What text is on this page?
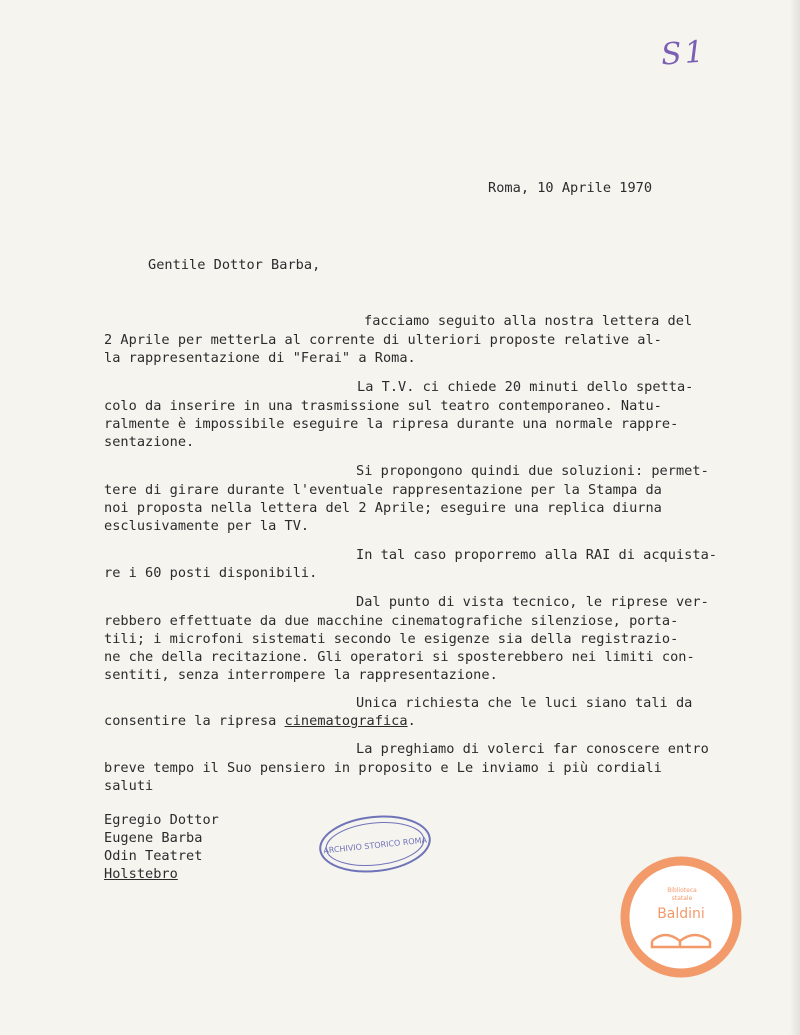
S1
Roma, 10 Aprile 1970
Gentile Dottor Barba,
facciamo seguito alla nostra lettera del
2 Aprile per metterLa al corrente di ulteriori proposte relative al-
la rappresentazione di "Ferai" a Roma.
La T.V. ci chiede 20 minuti dello spetta-
colo da inserire in una trasmissione sul teatro contemporaneo. Natu-
ralmente è impossibile eseguire la ripresa durante una normale rappre-
sentazione.
Si propongono quindi due soluzioni: permet-
tere di girare durante l'eventuale rappresentazione per la Stampa da
noi proposta nella lettera del 2 Aprile; eseguire una replica diurna
esclusivamente per la TV.
In tal caso proporremo alla RAI di acquista-
re i 60 posti disponibili.
Dal punto di vista tecnico, le riprese ver-
rebbero effettuate da due macchine cinematografiche silenziose, porta-
tili; i microfoni sistemati secondo le esigenze sia della registrazio-
ne che della recitazione. Gli operatori si sposterebbero nei limiti con-
sentiti, senza interrompere la rappresentazione.
Unica richiesta che le luci siano tali da
consentire la ripresa cinematografica.
La preghiamo di volerci far conoscere entro
breve tempo il Suo pensiero in proposito e Le inviamo i più cordiali
saluti
Egregio Dottor
Eugene Barba
Odin Teatret
Holstebro
ARCHIVIO STORICO ROMA
Biblioteca
statale
Baldini
